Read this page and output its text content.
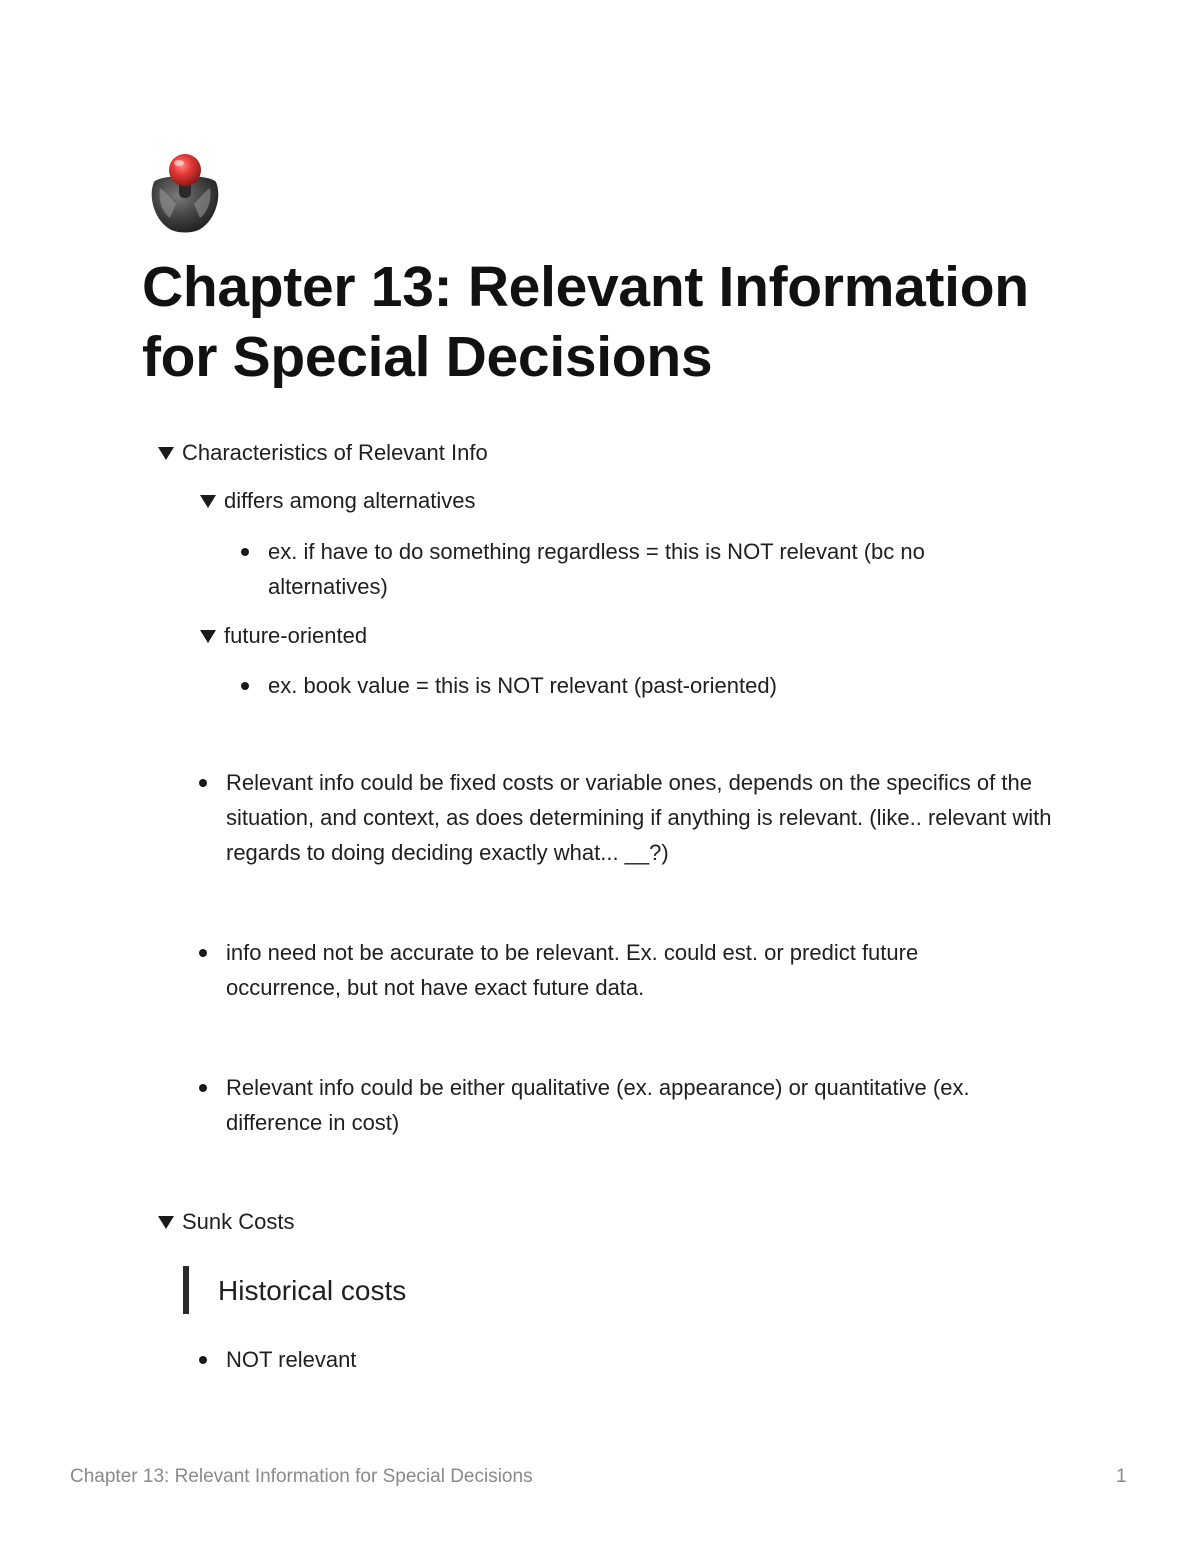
Chapter 13: Relevant Information for Special Decisions
Characteristics of Relevant Info
differs among alternatives
ex. if have to do something regardless = this is NOT relevant (bc no alternatives)
future-oriented
ex. book value = this is NOT relevant (past-oriented)
Relevant info could be fixed costs or variable ones, depends on the specifics of the situation, and context, as does determining if anything is relevant. (like.. relevant with regards to doing deciding exactly what... __?)
info need not be accurate to be relevant. Ex. could est. or predict future occurrence, but not have exact future data.
Relevant info could be either qualitative (ex. appearance) or quantitative (ex. difference in cost)
Sunk Costs
Historical costs
NOT relevant
Chapter 13: Relevant Information for Special Decisions	1
